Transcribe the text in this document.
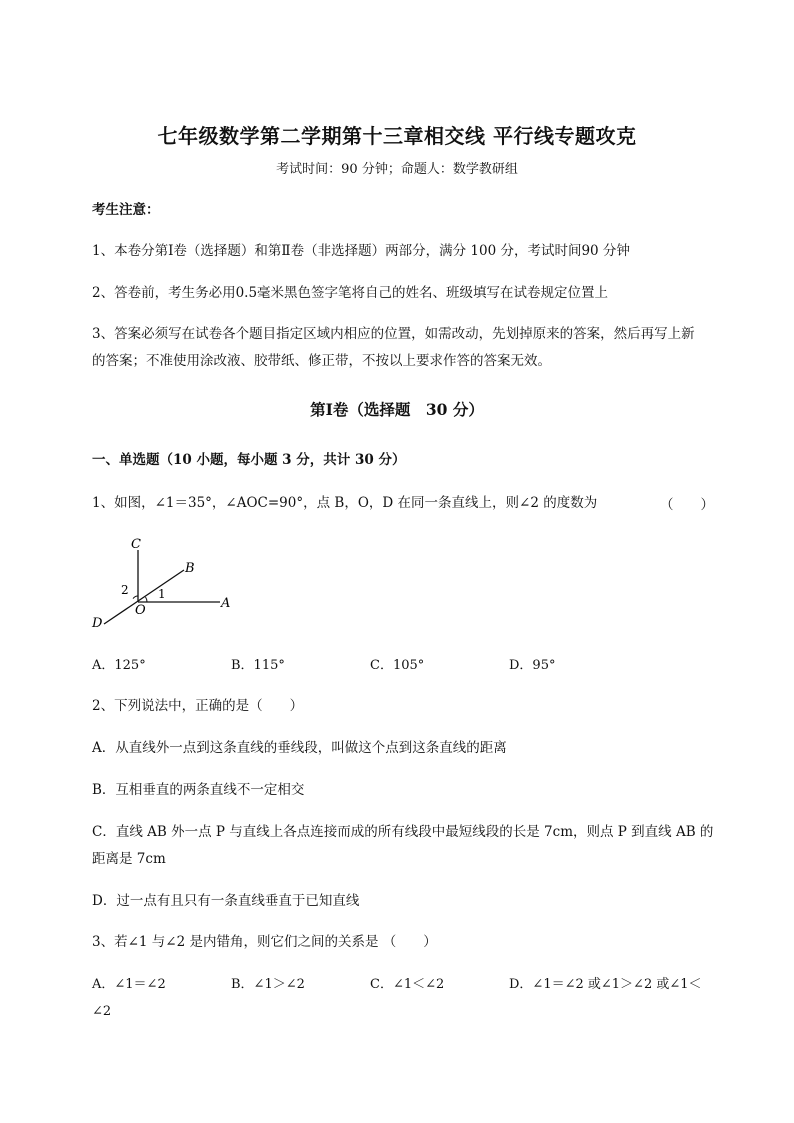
七年级数学第二学期第十三章相交线 平行线专题攻克
考试时间：90 分钟；命题人：数学教研组
考生注意：
1、本卷分第Ⅰ卷（选择题）和第Ⅱ卷（非选择题）两部分，满分 100 分，考试时间90 分钟
2、答卷前，考生务必用0.5毫米黑色签字笔将自己的姓名、班级填写在试卷规定位置上
3、答案必须写在试卷各个题目指定区域内相应的位置，如需改动，先划掉原来的答案，然后再写上新
的答案；不准使用涂改液、胶带纸、修正带，不按以上要求作答的答案无效。
第Ⅰ卷（选择题　30 分）
一、单选题（10 小题，每小题 3 分，共计 30 分）
1、如图，∠1＝35°，∠AOC=90°，点 B，O，D 在同一条直线上，则∠2 的度数为	（　　）
C
B
A
D
O
1
2
A．125°	B．115°	C．105°	D．95°
2、下列说法中，正确的是（　　）
A．从直线外一点到这条直线的垂线段，叫做这个点到这条直线的距离
B．互相垂直的两条直线不一定相交
C．直线 AB 外一点 P 与直线上各点连接而成的所有线段中最短线段的长是 7cm，则点 P 到直线 AB 的
距离是 7cm
D．过一点有且只有一条直线垂直于已知直线
3、若∠1 与∠2 是内错角，则它们之间的关系是 （　　）
A．∠1＝∠2	B．∠1＞∠2	C．∠1＜∠2	D．∠1＝∠2 或∠1＞∠2 或∠1＜
∠2
